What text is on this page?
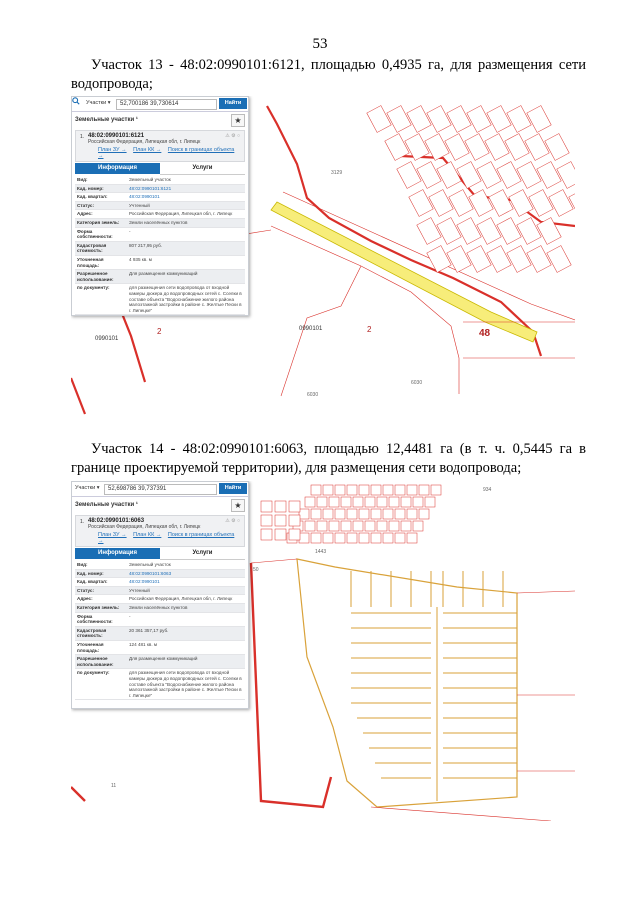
53
Участок 13 - 48:02:0990101:6121, площадью 0,4935 га, для размещения сети водопровода;
0990101
0990101
2	2	48
3129
6030
6030
Участки ▾	52,700186 39,730614	Найти
Земельные участки ¹	★
1. 48:02:0990101:6121
Российская Федерация, Липецкая обл, г. Липецк
⚠ ⚙ ○
План ЗУ → План КК → Поиск в границах объекта →
Информация	Услуги
Вид:	Земельный участок
Кад. номер:	48:02:0990101:6121
Кад. квартал:	48:02:0990101
Статус:	Учтенный
Адрес:	Российская Федерация, Липецкая обл, г. Липецк
Категория земель:	Земли населённых пунктов
Форма собственности:
-
Кадастровая стоимость:
807 217,95 руб.
Уточненная площадь:
4 935 кв. м
Разрешенное использование:
Для размещения коммуникаций
по документу:	для размещения сети водопровода от входной камеры дюкера до водопроводных сетей с. Сселки в составе объекта "Водоснабжение жилого района малоэтажной застройки в районе с. Желтые Пески в г. Липецке"
Участок 14 - 48:02:0990101:6063, площадью 12,4481 га (в т. ч. 0,5445 га в границе проектируемой территории), для размещения сети водопровода;
934
1443
11
50
Участки ▾	52,698786 39,737391	Найти
Земельные участки ¹	★
1. 48:02:0990101:6063
Российская Федерация, Липецкая обл, г. Липецк
⚠ ⚙ ○
План ЗУ → План КК → Поиск в границах объекта →
Информация	Услуги
Вид:	Земельный участок
Кад. номер:	48:02:0990101:6063
Кад. квартал:	48:02:0990101
Статус:	Учтенный
Адрес:	Российская Федерация, Липецкая обл, г. Липецк
Категория земель:	Земли населённых пунктов
Форма собственности:
-
Кадастровая стоимость:
20 361 357,17 руб.
Уточненная площадь:
124 481 кв. м
Разрешенное использование:
Для размещения коммуникаций
по документу:	для размещения сети водопровода от входной камеры дюкера до водопроводных сетей с. Сселки в составе объекта "Водоснабжение жилого района малоэтажной застройки в районе с. Желтые Пески в г. Липецке"
